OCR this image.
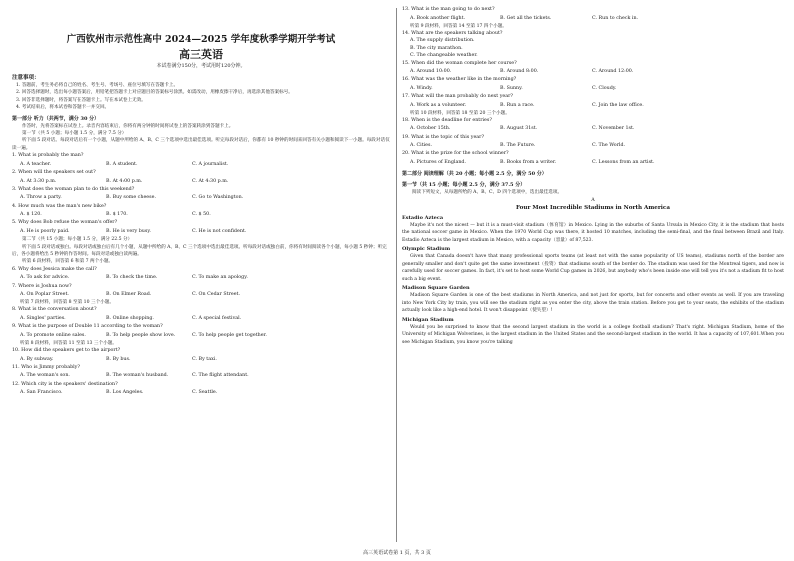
广西钦州市示范性高中 2024—2025 学年度秋季学期开学考试
高三英语
本试卷满分150分，考试用时120分钟。
注意事项：
1. 答题前，考生务必将自己的姓名、考生号、考场号、座位号填写在答题卡上。
2. 回答选择题时，选出每小题答案后，用铅笔把答题卡上对应题目的答案标号涂黑。如需改动，用橡皮擦干净后，再选涂其他答案标号。
3. 回答非选择题时，将答案写在答题卡上。写在本试卷上无效。
4. 考试结束后，将本试卷和答题卡一并交回。
第一部分 听力（共两节，满分 30 分）
作答时，先将答案标在试卷上。录音内容结束后，你将有两分钟的时间将试卷上的答案转涂到答题卡上。
第一节（共 5 小题；每小题 1.5 分，满分 7.5 分）
听下面 5 段对话。每段对话后有一个小题，从题中所给的 A、B、C 三个选项中选出最佳选项。听完每段对话后，你都有 10 秒钟的时间来回答有关小题和阅读下一小题。每段对话仅读一遍。
1. What is probably the man?
A. A teacher.	B. A student.	C. A journalist.
2. When will the speakers set out?
A. At 3:30 p.m.	B. At 4:00 p.m.	C. At 4:30 p.m.
3. What does the woman plan to do this weekend?
A. Throw a party.	B. Buy some cheese.	C. Go to Washington.
4. How much was the man's new bike?
A. $ 120.	B. $ 170.	C. $ 50.
5. Why does Bob refuse the woman's offer?
A. He is poorly paid.	B. He is very busy.	C. He is not confident.
第二节（共 15 小题；每小题 1.5 分，满分 22.5 分）
听下面 5 段对话或独白。每段对话或独白后有几个小题，从题中所给的 A、B、C 三个选项中选出最佳选项。听每段对话或独白前，你将有时间阅读各个小题，每小题 5 秒钟；听完后，各小题将给出 5 秒钟的作答时间。每段对话或独白读两遍。
听第 6 段材料，回答第 6 和第 7 两个小题。
6. Why does Jessica make the call?
A. To ask for advice.	B. To check the time.	C. To make an apology.
7. Where is Joshua now?
A. On Poplar Street.	B. On Elmer Road.	C. On Cedar Street.
听第 7 段材料，回答第 8 至第 10 三个小题。
8. What is the conversation about?
A. Singles' parties.	B. Online shopping.	C. A special festival.
9. What is the purpose of Double 11 according to the woman?
A. To promote online sales.	B. To help people show love.	C. To help people get together.
听第 8 段材料，回答第 11 至第 13 三个小题。
10. How did the speakers get to the airport?
A. By subway.	B. By bus.	C. By taxi.
11. Who is Jimmy probably?
A. The woman's son.	B. The woman's husband.	C. The flight attendant.
12. Which city is the speakers' destination?
A. San Francisco.	B. Los Angeles.	C. Seattle.
13. What is the man going to do next?
A. Book another flight.	B. Get all the tickets.	C. Run to check in.
听第 9 段材料，回答第 14 至第 17 四个小题。
14. What are the speakers talking about?
A. The supply distribution.
B. The city marathon.
C. The changeable weather.
15. When did the woman complete her course?
A. Around 10:00.	B. Around 8:00.	C. Around 12:00.
16. What was the weather like in the morning?
A. Windy.	B. Sunny.	C. Cloudy.
17. What will the man probably do next year?
A. Work as a volunteer.	B. Run a race.	C. Join the law office.
听第 10 段材料，回答第 18 至第 20 三个小题。
18. When is the deadline for entries?
A. October 15th.	B. August 31st.	C. November 1st.
19. What is the topic of this year?
A. Cities.	B. The Future.	C. The World.
20. What is the prize for the school winner?
A. Pictures of England.	B. Books from a writer.	C. Lessons from an artist.
第二部分 阅读理解（共 20 小题；每小题 2.5 分，满分 50 分）
第一节（共 15 小题；每小题 2.5 分，满分 37.5 分）
阅读下列短文，从每题所给的 A、B、C、D 四个选项中，选出最佳选项。
A
Four Most Incredible Stadiums in North America
Estadio Azteca
Maybe it's not the nicest — but it is a must-visit stadium（体育馆）in Mexico. Lying in the suburbs of Santa Ursula in Mexico City, it is the stadium that hosts the national soccer game in Mexico. When the 1970 World Cup was there, it hosted 10 matches, including the semi-final, and the final between Brazil and Italy. Estadio Azteca is the largest stadium in Mexico, with a capacity（容量）of 87,523.
Olympic Stadium
Given that Canada doesn't have that many professional sports teams (at least not with the same popularity of US teams), stadiums north of the border are generally smaller and don't quite get the same investment（投资）that stadiums south of the border do. The stadium was used for the Montreal tigers, and now is carefully used for soccer games. In fact, it's set to host some World Cup games in 2026, but anybody who's been inside one will tell you it's not a stadium fit to host such a big event.
Madison Square Garden
Madison Square Garden is one of the best stadiums in North America, and not just for sports, but for concerts and other events as well. If you are traveling into New York City by train, you will see the stadium right as you enter the city, above the train station. Before you get to your seats, the exhibits of the stadium actually look like a high-end hotel. It won't disappoint（使失望）!
Michigan Stadium
Would you be surprised to know that the second largest stadium in the world is a college football stadium? That's right. Michigan Stadium, home of the University of Michigan Wolverines, is the largest stadium in the United States and the second-largest stadium in the world. It has a capacity of 107,601.When you see Michigan Stadium, you know you're talking
高三英语试卷第 1 页，共 3 页
